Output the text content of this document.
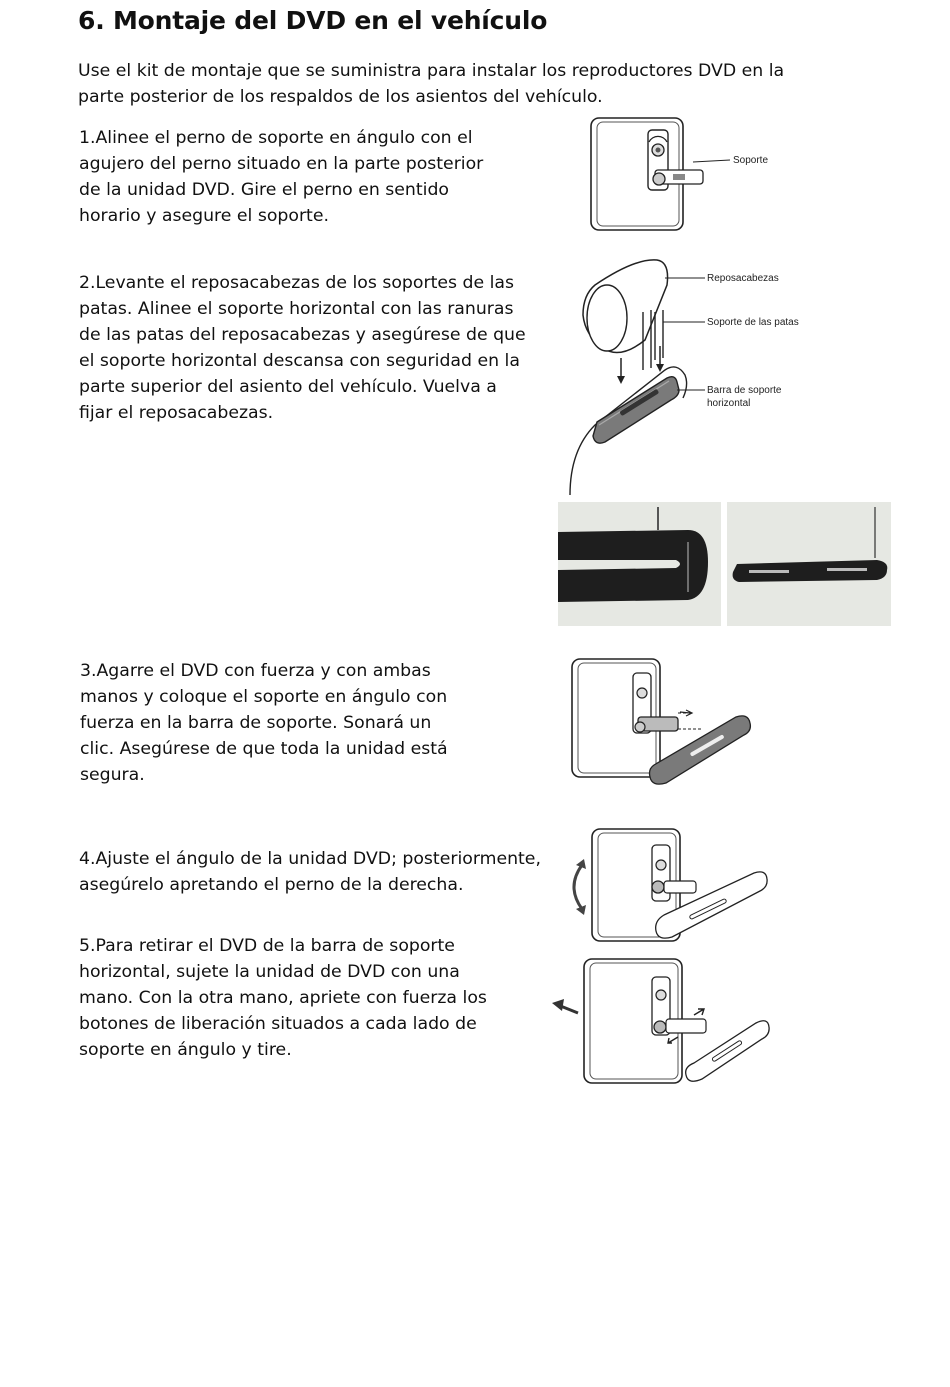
6. Montaje del DVD en el vehículo
Use el kit de montaje que se suministra para instalar los reproductores DVD en la
parte posterior de los respaldos de los asientos del vehículo.
1.Alinee el perno de soporte en ángulo con el
agujero del perno situado en la parte posterior
de la unidad DVD. Gire el perno en sentido
horario y asegure el soporte.
Soporte
2.Levante el reposacabezas de los soportes de las
patas. Alinee el soporte horizontal con las ranuras
de las patas del reposacabezas y asegúrese de que
el soporte horizontal descansa con seguridad en la
parte superior del asiento del vehículo. Vuelva a
fijar el reposacabezas.
Reposacabezas
Soporte de las patas
Barra de soporte
horizontal
3.Agarre el DVD con fuerza y con ambas
manos y coloque el soporte en ángulo con
fuerza en la barra de soporte. Sonará un
clic. Asegúrese de que toda la unidad está
segura.
4.Ajuste el ángulo de la unidad DVD; posteriormente,
asegúrelo apretando el perno de la derecha.
5.Para retirar el DVD de la barra de soporte
horizontal, sujete la unidad de DVD con una
mano. Con la otra mano, apriete con fuerza los
botones de liberación situados a cada lado de
soporte en ángulo y tire.
